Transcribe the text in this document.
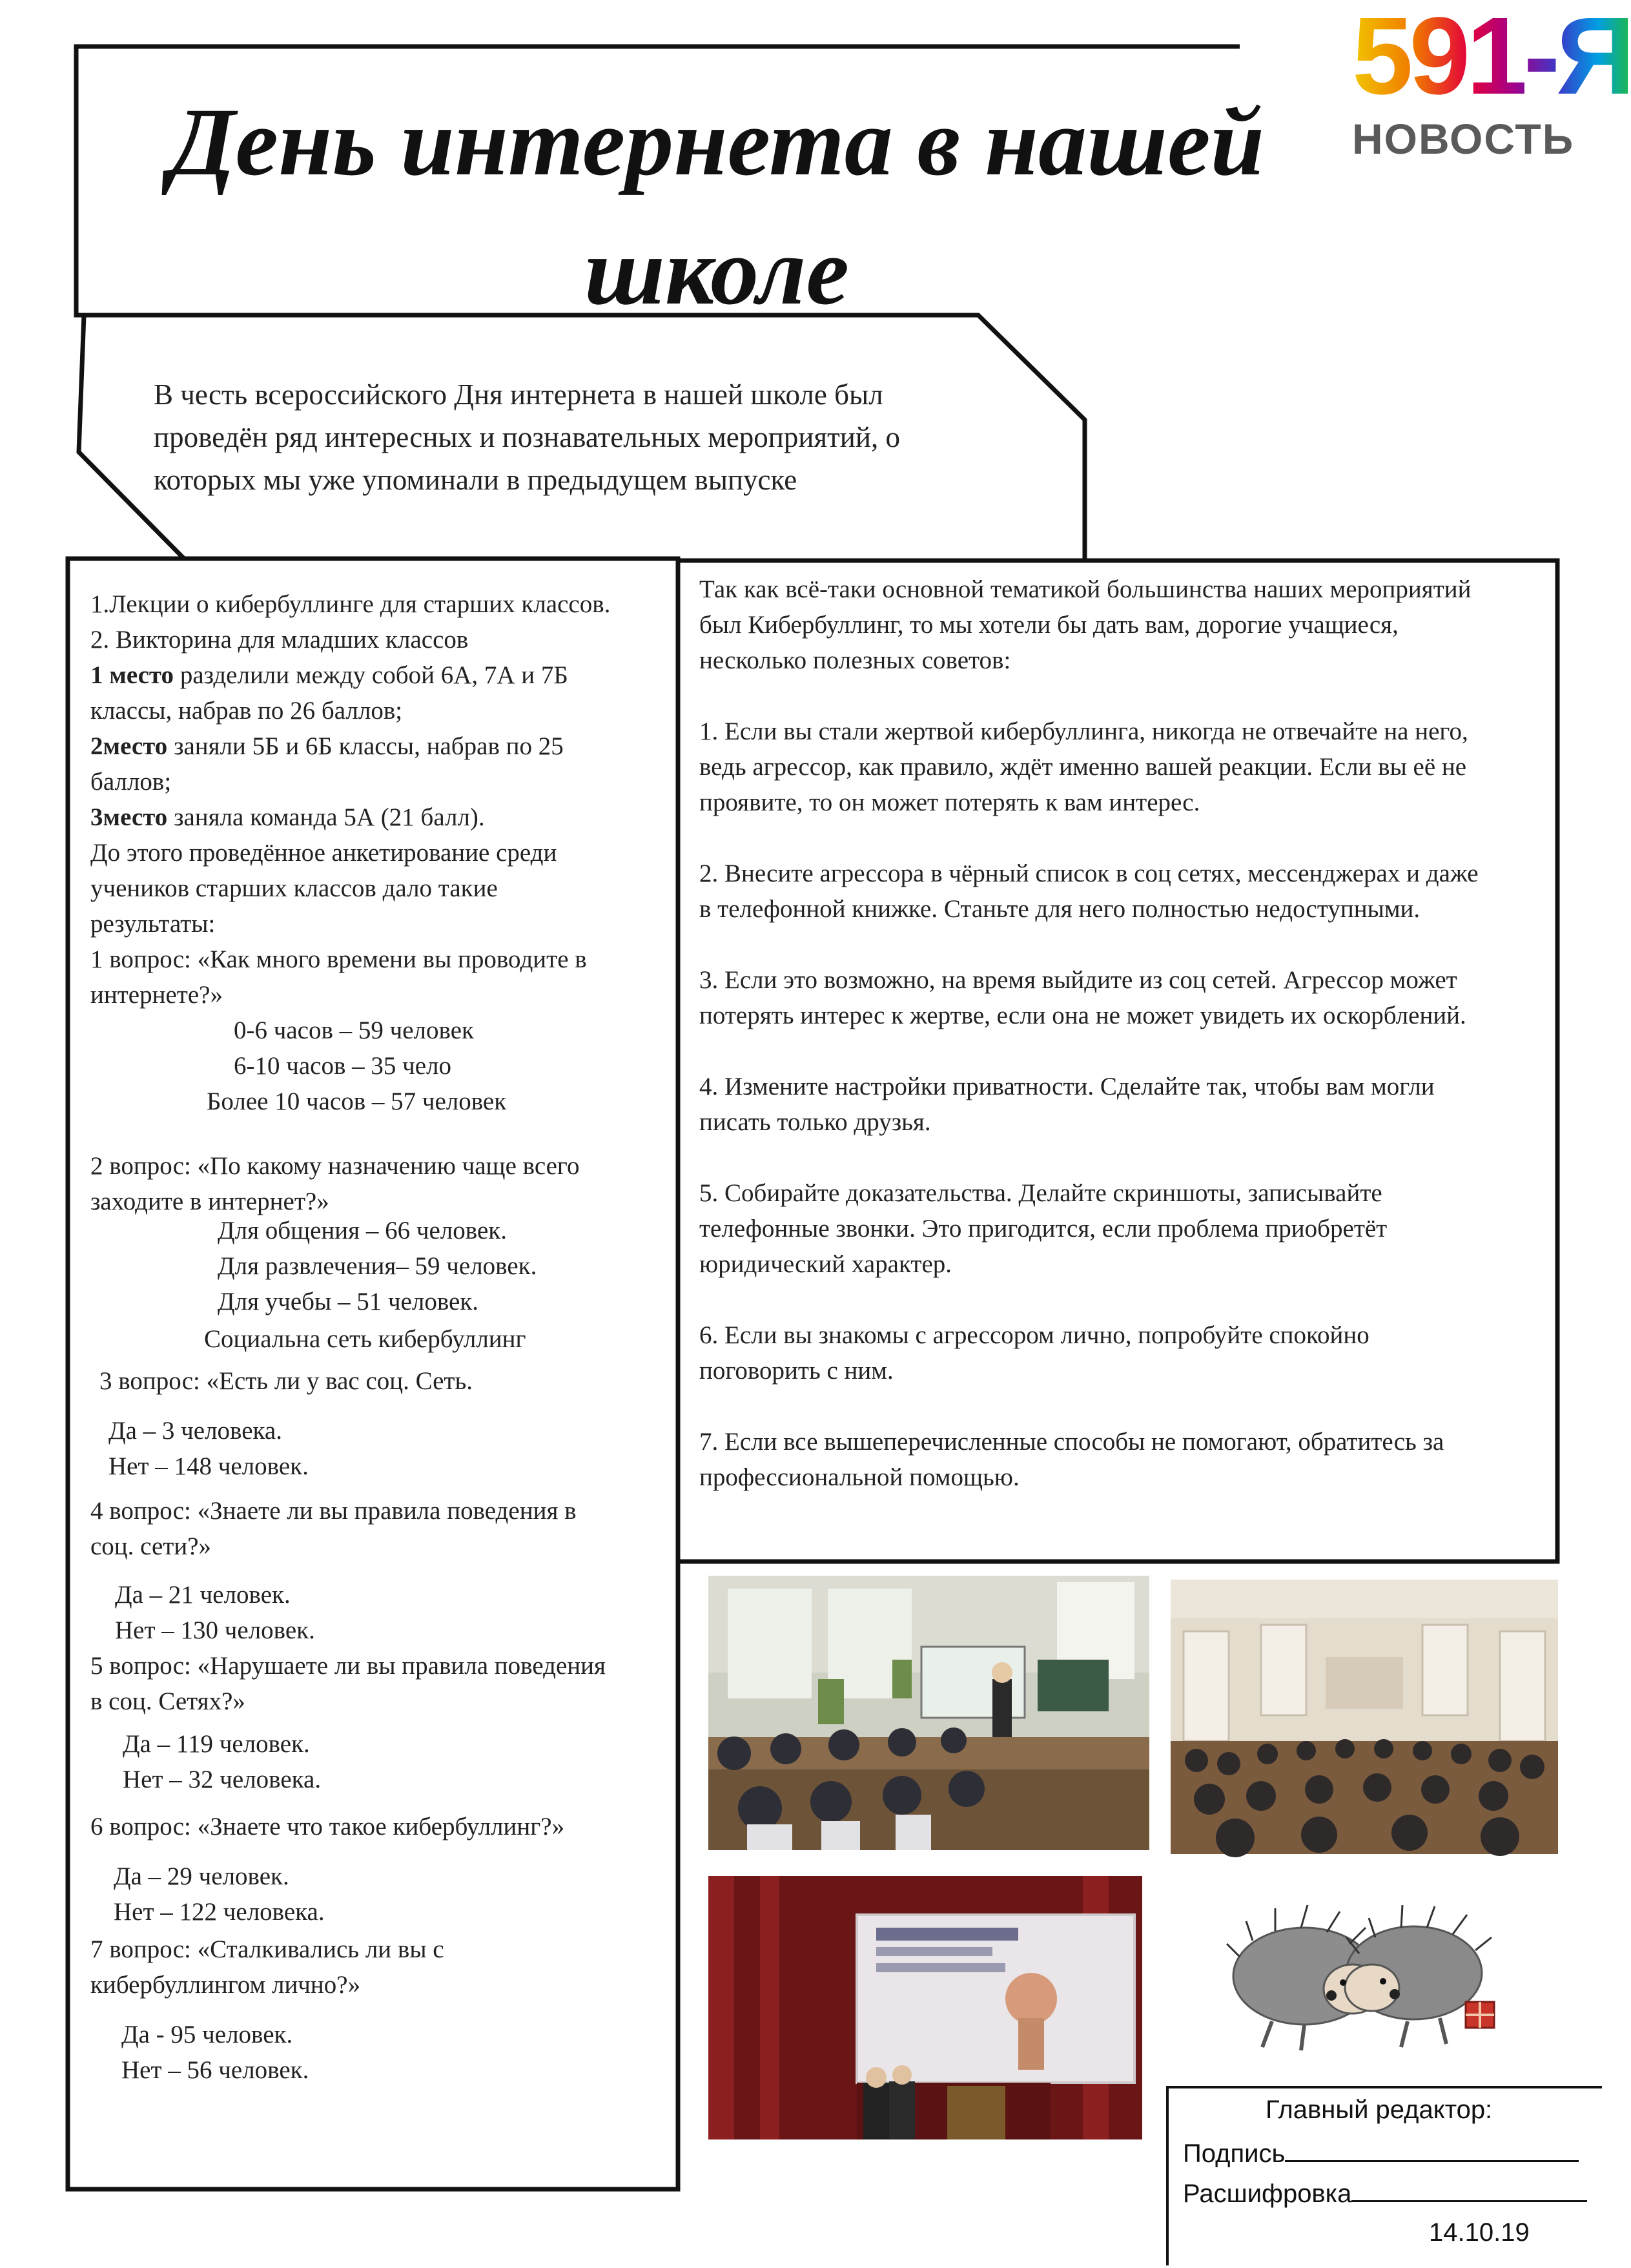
591-Я
НОВОСТЬ
День интернета в нашей
школе
В честь всероссийского Дня интернета в нашей школе был
проведён ряд интересных и познавательных мероприятий, о
которых мы уже упоминали в предыдущем выпуске
1.Лекции о кибербуллинге для старших классов.
2. Викторина для младших классов
1 место разделили между собой 6А, 7А и 7Б
классы, набрав по 26 баллов;
2место заняли 5Б и 6Б классы, набрав по 25
баллов;
3место заняла команда 5А (21 балл).
До этого проведённое анкетирование среди
учеников старших классов дало такие
результаты:
1 вопрос: «Как много времени вы проводите в
интернете?»
0-6 часов – 59 человек
6-10 часов – 35 чело
Более 10 часов – 57 человек
2 вопрос: «По какому назначению чаще всего
заходите в интернет?»
Для общения – 66 человек.
Для развлечения– 59 человек.
Для учебы – 51 человек.
Социальна сеть кибербуллинг
3 вопрос: «Есть ли у вас соц. Сеть.
Да – 3 человека.
Нет – 148 человек.
4 вопрос: «Знаете ли вы правила поведения в
соц. сети?»
Да – 21 человек.
Нет – 130 человек.
5 вопрос: «Нарушаете ли вы правила поведения
в соц. Сетях?»
Да – 119 человек.
Нет – 32 человека.
6 вопрос: «Знаете что такое кибербуллинг?»
Да – 29 человек.
Нет – 122 человека.
7 вопрос: «Сталкивались ли вы с
кибербуллингом лично?»
Да - 95 человек.
Нет – 56 человек.
Так как всё-таки основной тематикой большинства наших мероприятий
был Кибербуллинг, то мы хотели бы дать вам, дорогие учащиеся,
несколько полезных советов:
1. Если вы стали жертвой кибербуллинга, никогда не отвечайте на него,
ведь агрессор, как правило, ждёт именно вашей реакции. Если вы её не
проявите, то он может потерять к вам интерес.
2. Внесите агрессора в чёрный список в соц сетях, мессенджерах и даже
в телефонной книжке. Станьте для него полностью недоступными.
3. Если это возможно, на время выйдите из соц сетей. Агрессор может
потерять интерес к жертве, если она не может увидеть их оскорблений.
4. Измените настройки приватности. Сделайте так, чтобы вам могли
писать только друзья.
5. Собирайте доказательства. Делайте скриншоты, записывайте
телефонные звонки. Это пригодится, если проблема приобретёт
юридический характер.
6. Если вы знакомы с агрессором лично, попробуйте спокойно
поговорить с ним.
7. Если все вышеперечисленные способы не помогают, обратитесь за
профессиональной помощью.
Главный редактор:
Подпись
Расшифровка
14.10.19
